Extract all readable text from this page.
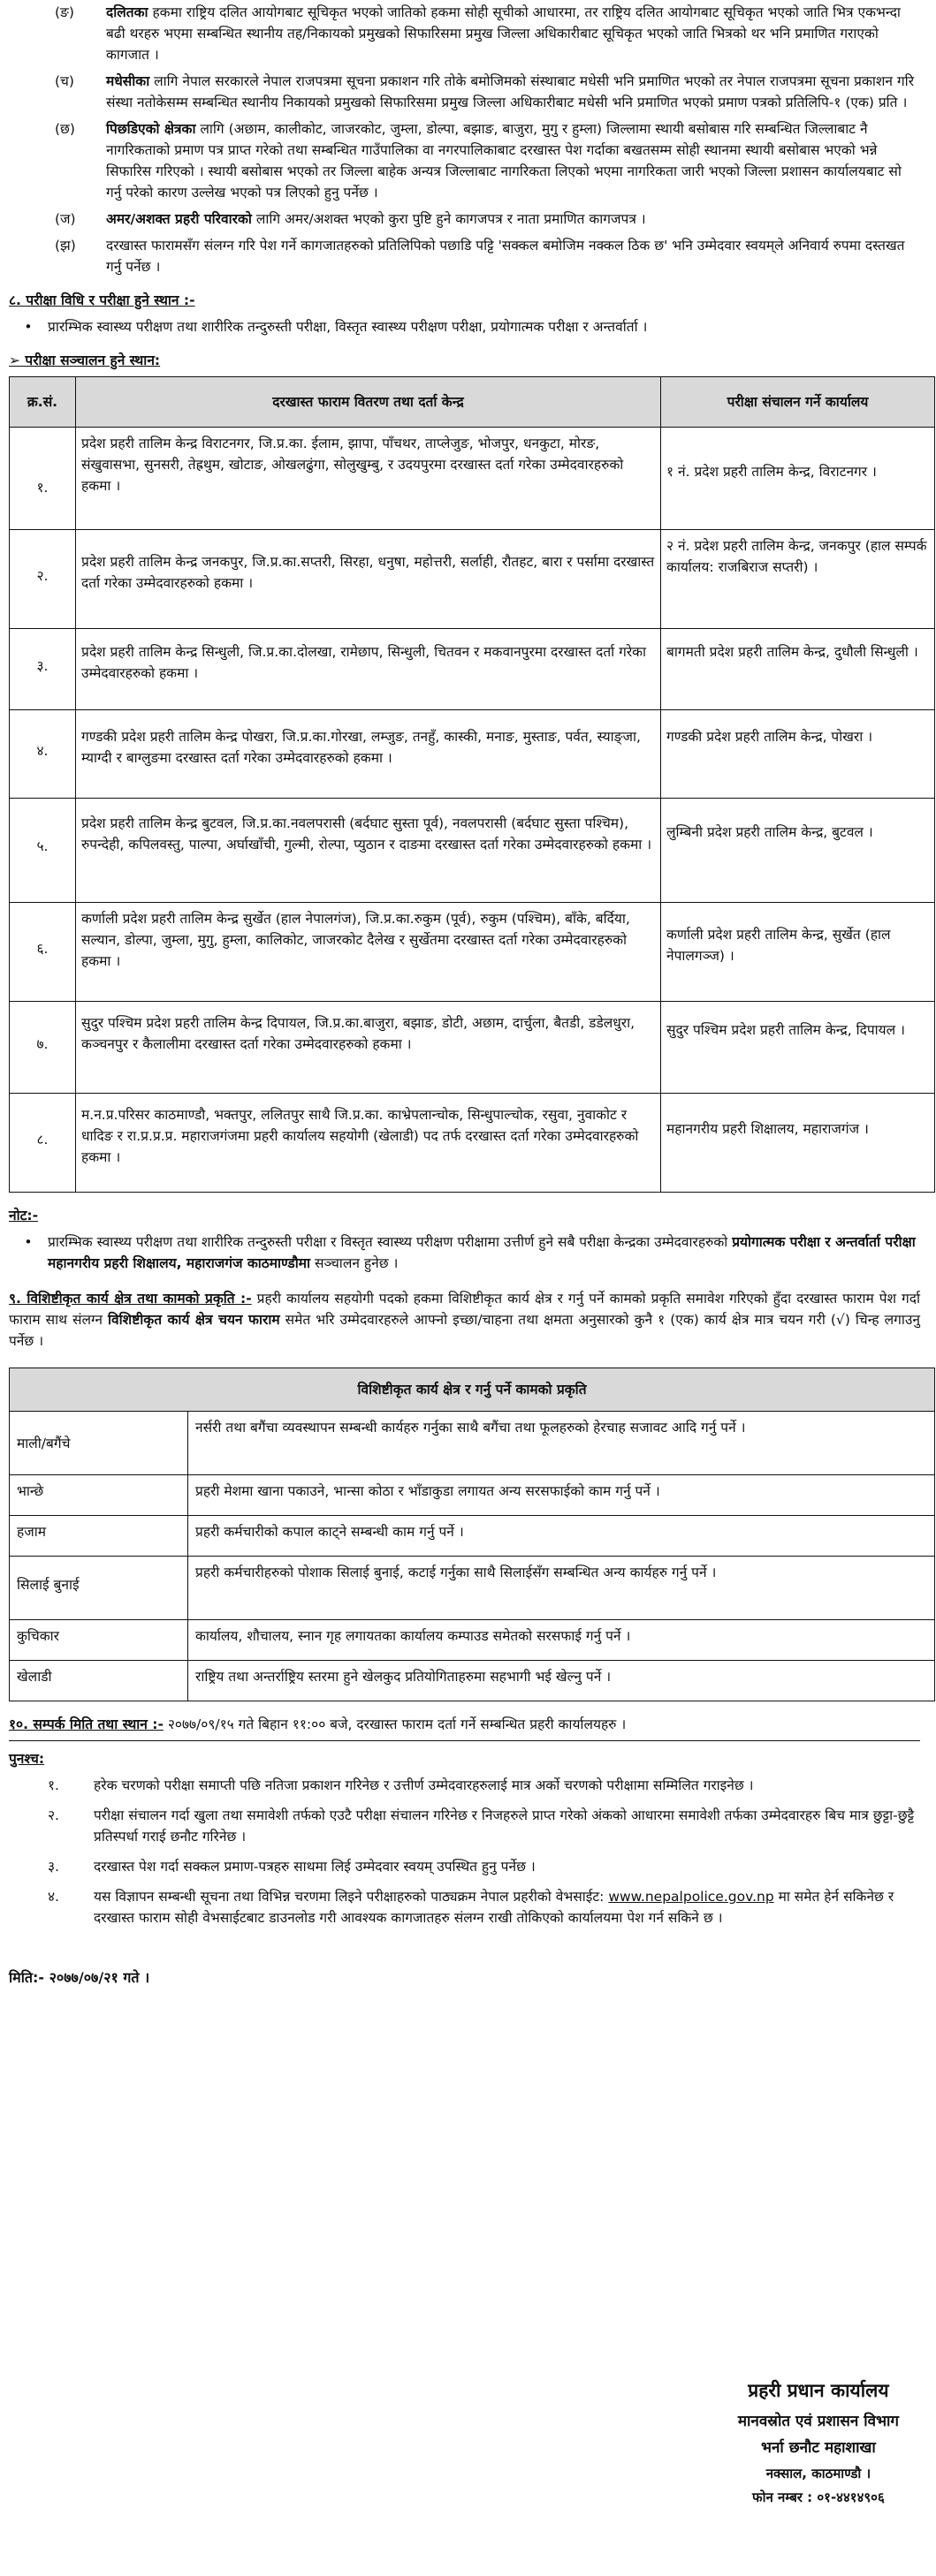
(ङ)	दलितका हकमा राष्ट्रिय दलित आयोगबाट सूचिकृत भएको जातिको हकमा सोही सूचीको आधारमा, तर राष्ट्रिय दलित आयोगबाट सूचिकृत भएको जाति भित्र एकभन्दा बढी थरहरु भएमा सम्बन्धित स्थानीय तह/निकायको प्रमुखको सिफारिसमा प्रमुख जिल्ला अधिकारीबाट सूचिकृत भएको जाति भित्रको थर भनि प्रमाणित गराएको कागजात ।
(च)	मधेसीका लागि नेपाल सरकारले नेपाल राजपत्रमा सूचना प्रकाशन गरि तोके बमोजिमको संस्थाबाट मधेसी भनि प्रमाणित भएको तर नेपाल राजपत्रमा सूचना प्रकाशन गरि संस्था नतोकेसम्म सम्बन्धित स्थानीय निकायको प्रमुखको सिफारिसमा प्रमुख जिल्ला अधिकारीबाट मधेसी भनि प्रमाणित भएको प्रमाण पत्रको प्रतिलिपि-१ (एक) प्रति ।
(छ)	पिछडिएको क्षेत्रका लागि (अछाम, कालीकोट, जाजरकोट, जुम्ला, डोल्पा, बझाङ, बाजुरा, मुगु र हुम्ला) जिल्लामा स्थायी बसोबास गरि सम्बन्धित जिल्लाबाट नै नागरिकताको प्रमाण पत्र प्राप्त गरेको तथा सम्बन्धित गाउँपालिका वा नगरपालिकाबाट दरखास्त पेश गर्दाका बखतसम्म सोही स्थानमा स्थायी बसोबास भएको भन्ने सिफारिस गरिएको । स्थायी बसोबास भएको तर जिल्ला बाहेक अन्यत्र जिल्लाबाट नागरिकता लिएको भएमा नागरिकता जारी भएको जिल्ला प्रशासन कार्यालयबाट सो गर्नु परेको कारण उल्लेख भएको पत्र लिएको हुनु पर्नेछ ।
(ज)	अमर/अशक्त प्रहरी परिवारको लागि अमर/अशक्त भएको कुरा पुष्टि हुने कागजपत्र र नाता प्रमाणित कागजपत्र ।
(झ)	दरखास्त फारामसँग संलग्न गरि पेश गर्ने कागजातहरुको प्रतिलिपिको पछाडि पट्टि 'सक्कल बमोजिम नक्कल ठिक छ' भनि उम्मेदवार स्वयम्‌ले अनिवार्य रुपमा दस्तखत गर्नु पर्नेछ ।
८. परीक्षा विधि र परीक्षा हुने स्थान :-
•	प्रारम्भिक स्वास्थ्य परीक्षण तथा शारीरिक तन्दुरुस्ती परीक्षा, विस्तृत स्वास्थ्य परीक्षण परीक्षा, प्रयोगात्मक परीक्षा र अन्तर्वार्ता ।
➢ परीक्षा सञ्चालन हुने स्थान:
क्र.सं.	दरखास्त फाराम वितरण तथा दर्ता केन्द्र	परीक्षा संचालन गर्ने कार्यालय
१.	प्रदेश प्रहरी तालिम केन्द्र विराटनगर, जि.प्र.का. ईलाम, झापा, पाँचथर, ताप्लेजुङ, भोजपुर, धनकुटा, मोरङ, संखुवासभा, सुनसरी, तेह्रथुम, खोटाङ, ओखलढुंगा, सोलुखुम्बु, र उदयपुरमा दरखास्त दर्ता गरेका उम्मेदवारहरुको हकमा ।	१ नं. प्रदेश प्रहरी तालिम केन्द्र, विराटनगर ।
२.	प्रदेश प्रहरी तालिम केन्द्र जनकपुर, जि.प्र.का.सप्तरी, सिरहा, धनुषा, महोत्तरी, सर्लाही, रौतहट, बारा र पर्सामा दरखास्त दर्ता गरेका उम्मेदवारहरुको हकमा ।	२ नं. प्रदेश प्रहरी तालिम केन्द्र, जनकपुर (हाल सम्पर्क कार्यालय: राजबिराज सप्तरी) ।
३.	प्रदेश प्रहरी तालिम केन्द्र सिन्धुली, जि.प्र.का.दोलखा, रामेछाप, सिन्धुली, चितवन र मकवानपुरमा दरखास्त दर्ता गरेका उम्मेदवारहरुको हकमा ।	बागमती प्रदेश प्रहरी तालिम केन्द्र, दुधौली सिन्धुली ।
४.	गण्डकी प्रदेश प्रहरी तालिम केन्द्र पोखरा, जि.प्र.का.गोरखा, लम्जुङ, तनहुँ, कास्की, मनाङ, मुस्ताङ, पर्वत, स्याङ्जा, म्याग्दी र बाग्लुङमा दरखास्त दर्ता गरेका उम्मेदवारहरुको हकमा ।	गण्डकी प्रदेश प्रहरी तालिम केन्द्र, पोखरा ।
५.	प्रदेश प्रहरी तालिम केन्द्र बुटवल, जि.प्र.का.नवलपरासी (बर्दघाट सुस्ता पूर्व), नवलपरासी (बर्दघाट सुस्ता पश्चिम), रुपन्देही, कपिलवस्तु, पाल्पा, अर्घाखाँची, गुल्मी, रोल्पा, प्युठान र दाङमा दरखास्त दर्ता गरेका उम्मेदवारहरुको हकमा ।	लुम्बिनी प्रदेश प्रहरी तालिम केन्द्र, बुटवल ।
६.	कर्णाली प्रदेश प्रहरी तालिम केन्द्र सुर्खेत (हाल नेपालगंज), जि.प्र.का.रुकुम (पूर्व), रुकुम (पश्चिम), बाँके, बर्दिया, सल्यान, डोल्पा, जुम्ला, मुगु, हुम्ला, कालिकोट, जाजरकोट दैलेख र सुर्खेतमा दरखास्त दर्ता गरेका उम्मेदवारहरुको हकमा ।	कर्णाली प्रदेश प्रहरी तालिम केन्द्र, सुर्खेत (हाल नेपालगञ्ज) ।
७.	सुदुर पश्चिम प्रदेश प्रहरी तालिम केन्द्र दिपायल, जि.प्र.का.बाजुरा, बझाङ, डोटी, अछाम, दार्चुला, बैतडी, डडेलधुरा, कञ्चनपुर र कैलालीमा दरखास्त दर्ता गरेका उम्मेदवारहरुको हकमा ।	सुदुर पश्चिम प्रदेश प्रहरी तालिम केन्द्र, दिपायल ।
८.	म.न.प्र.परिसर काठमाण्डौ, भक्तपुर, ललितपुर साथै जि.प्र.का. काभ्रेपलान्चोक, सिन्धुपाल्चोक, रसुवा, नुवाकोट र धादिङ र रा.प्र.प्र.प्र. महाराजगंजमा प्रहरी कार्यालय सहयोगी (खेलाडी) पद तर्फ दरखास्त दर्ता गरेका उम्मेदवारहरुको हकमा ।	महानगरीय प्रहरी शिक्षालय, महाराजगंज ।
नोट:-
•	प्रारम्भिक स्वास्थ्य परीक्षण तथा शारीरिक तन्दुरुस्ती परीक्षा र विस्तृत स्वास्थ्य परीक्षण परीक्षामा उत्तीर्ण हुने सबै परीक्षा केन्द्रका उम्मेदवारहरुको प्रयोगात्मक परीक्षा र अन्तर्वार्ता परीक्षा महानगरीय प्रहरी शिक्षालय, महाराजगंज काठमाण्डौमा सञ्चालन हुनेछ ।
९. विशिष्टीकृत कार्य क्षेत्र तथा कामको प्रकृति :- प्रहरी कार्यालय सहयोगी पदको हकमा विशिष्टीकृत कार्य क्षेत्र र गर्नु पर्ने कामको प्रकृति समावेश गरिएको हुँदा दरखास्त फाराम पेश गर्दा फाराम साथ संलग्न विशिष्टीकृत कार्य क्षेत्र चयन फाराम समेत भरि उम्मेदवारहरुले आफ्नो इच्छा/चाहना तथा क्षमता अनुसारको कुनै १ (एक) कार्य क्षेत्र मात्र चयन गरी (√) चिन्ह लगाउनु पर्नेछ ।
विशिष्टीकृत कार्य क्षेत्र र गर्नु पर्ने कामको प्रकृति	
माली/बगैंचे	नर्सरी तथा बगैंचा व्यवस्थापन सम्बन्धी कार्यहरु गर्नुका साथै बगैंचा तथा फूलहरुको हेरचाह सजावट आदि गर्नु पर्ने ।
भान्छे	प्रहरी मेशमा खाना पकाउने, भान्सा कोठा र भाँडाकुडा लगायत अन्य सरसफाईको काम गर्नु पर्ने ।
हजाम	प्रहरी कर्मचारीको कपाल काट्ने सम्बन्धी काम गर्नु पर्ने ।
सिलाई बुनाई	प्रहरी कर्मचारीहरुको पोशाक सिलाई बुनाई, कटाई गर्नुका साथै सिलाईसँग सम्बन्धित अन्य कार्यहरु गर्नु पर्ने ।
कुचिकार	कार्यालय, शौचालय, स्नान गृह लगायतका कार्यालय कम्पाउड समेतको सरसफाई गर्नु पर्ने ।
खेलाडी	राष्ट्रिय तथा अन्तर्राष्ट्रिय स्तरमा हुने खेलकुद प्रतियोगिताहरुमा सहभागी भई खेल्नु पर्ने ।
१०. सम्पर्क मिति तथा स्थान :- २०७७/०९/१५ गते बिहान ११:०० बजे, दरखास्त फाराम दर्ता गर्ने सम्बन्धित प्रहरी कार्यालयहरु ।
पुनश्च:
१.	हरेक चरणको परीक्षा समाप्ती पछि नतिजा प्रकाशन गरिनेछ र उत्तीर्ण उम्मेदवारहरुलाई मात्र अर्को चरणको परीक्षामा सम्मिलित गराइनेछ ।
२.	परीक्षा संचालन गर्दा खुला तथा समावेशी तर्फको एउटै परीक्षा संचालन गरिनेछ र निजहरुले प्राप्त गरेको अंकको आधारमा समावेशी तर्फका उम्मेदवारहरु बिच मात्र छुट्टा-छुट्टै प्रतिस्पर्धा गराई छनौट गरिनेछ ।
३.	दरखास्त पेश गर्दा सक्कल प्रमाण-पत्रहरु साथमा लिई उम्मेदवार स्वयम् उपस्थित हुनु पर्नेछ ।
४.	यस विज्ञापन सम्बन्धी सूचना तथा विभिन्न चरणमा लिइने परीक्षाहरुको पाठ्यक्रम नेपाल प्रहरीको वेभसाईट: www.nepalpolice.gov.np मा समेत हेर्न सकिनेछ र दरखास्त फाराम सोही वेभसाईटबाट डाउनलोड गरी आवश्यक कागजातहरु संलग्न राखी तोकिएको कार्यालयमा पेश गर्न सकिने छ ।
मिति:- २०७७/०७/२१ गते ।
प्रहरी प्रधान कार्यालय
मानवस्रोत एवं प्रशासन विभाग
भर्ना छनौट महाशाखा
नक्साल, काठमाण्डौ ।
फोन नम्बर : ०१-४४१४९०६
